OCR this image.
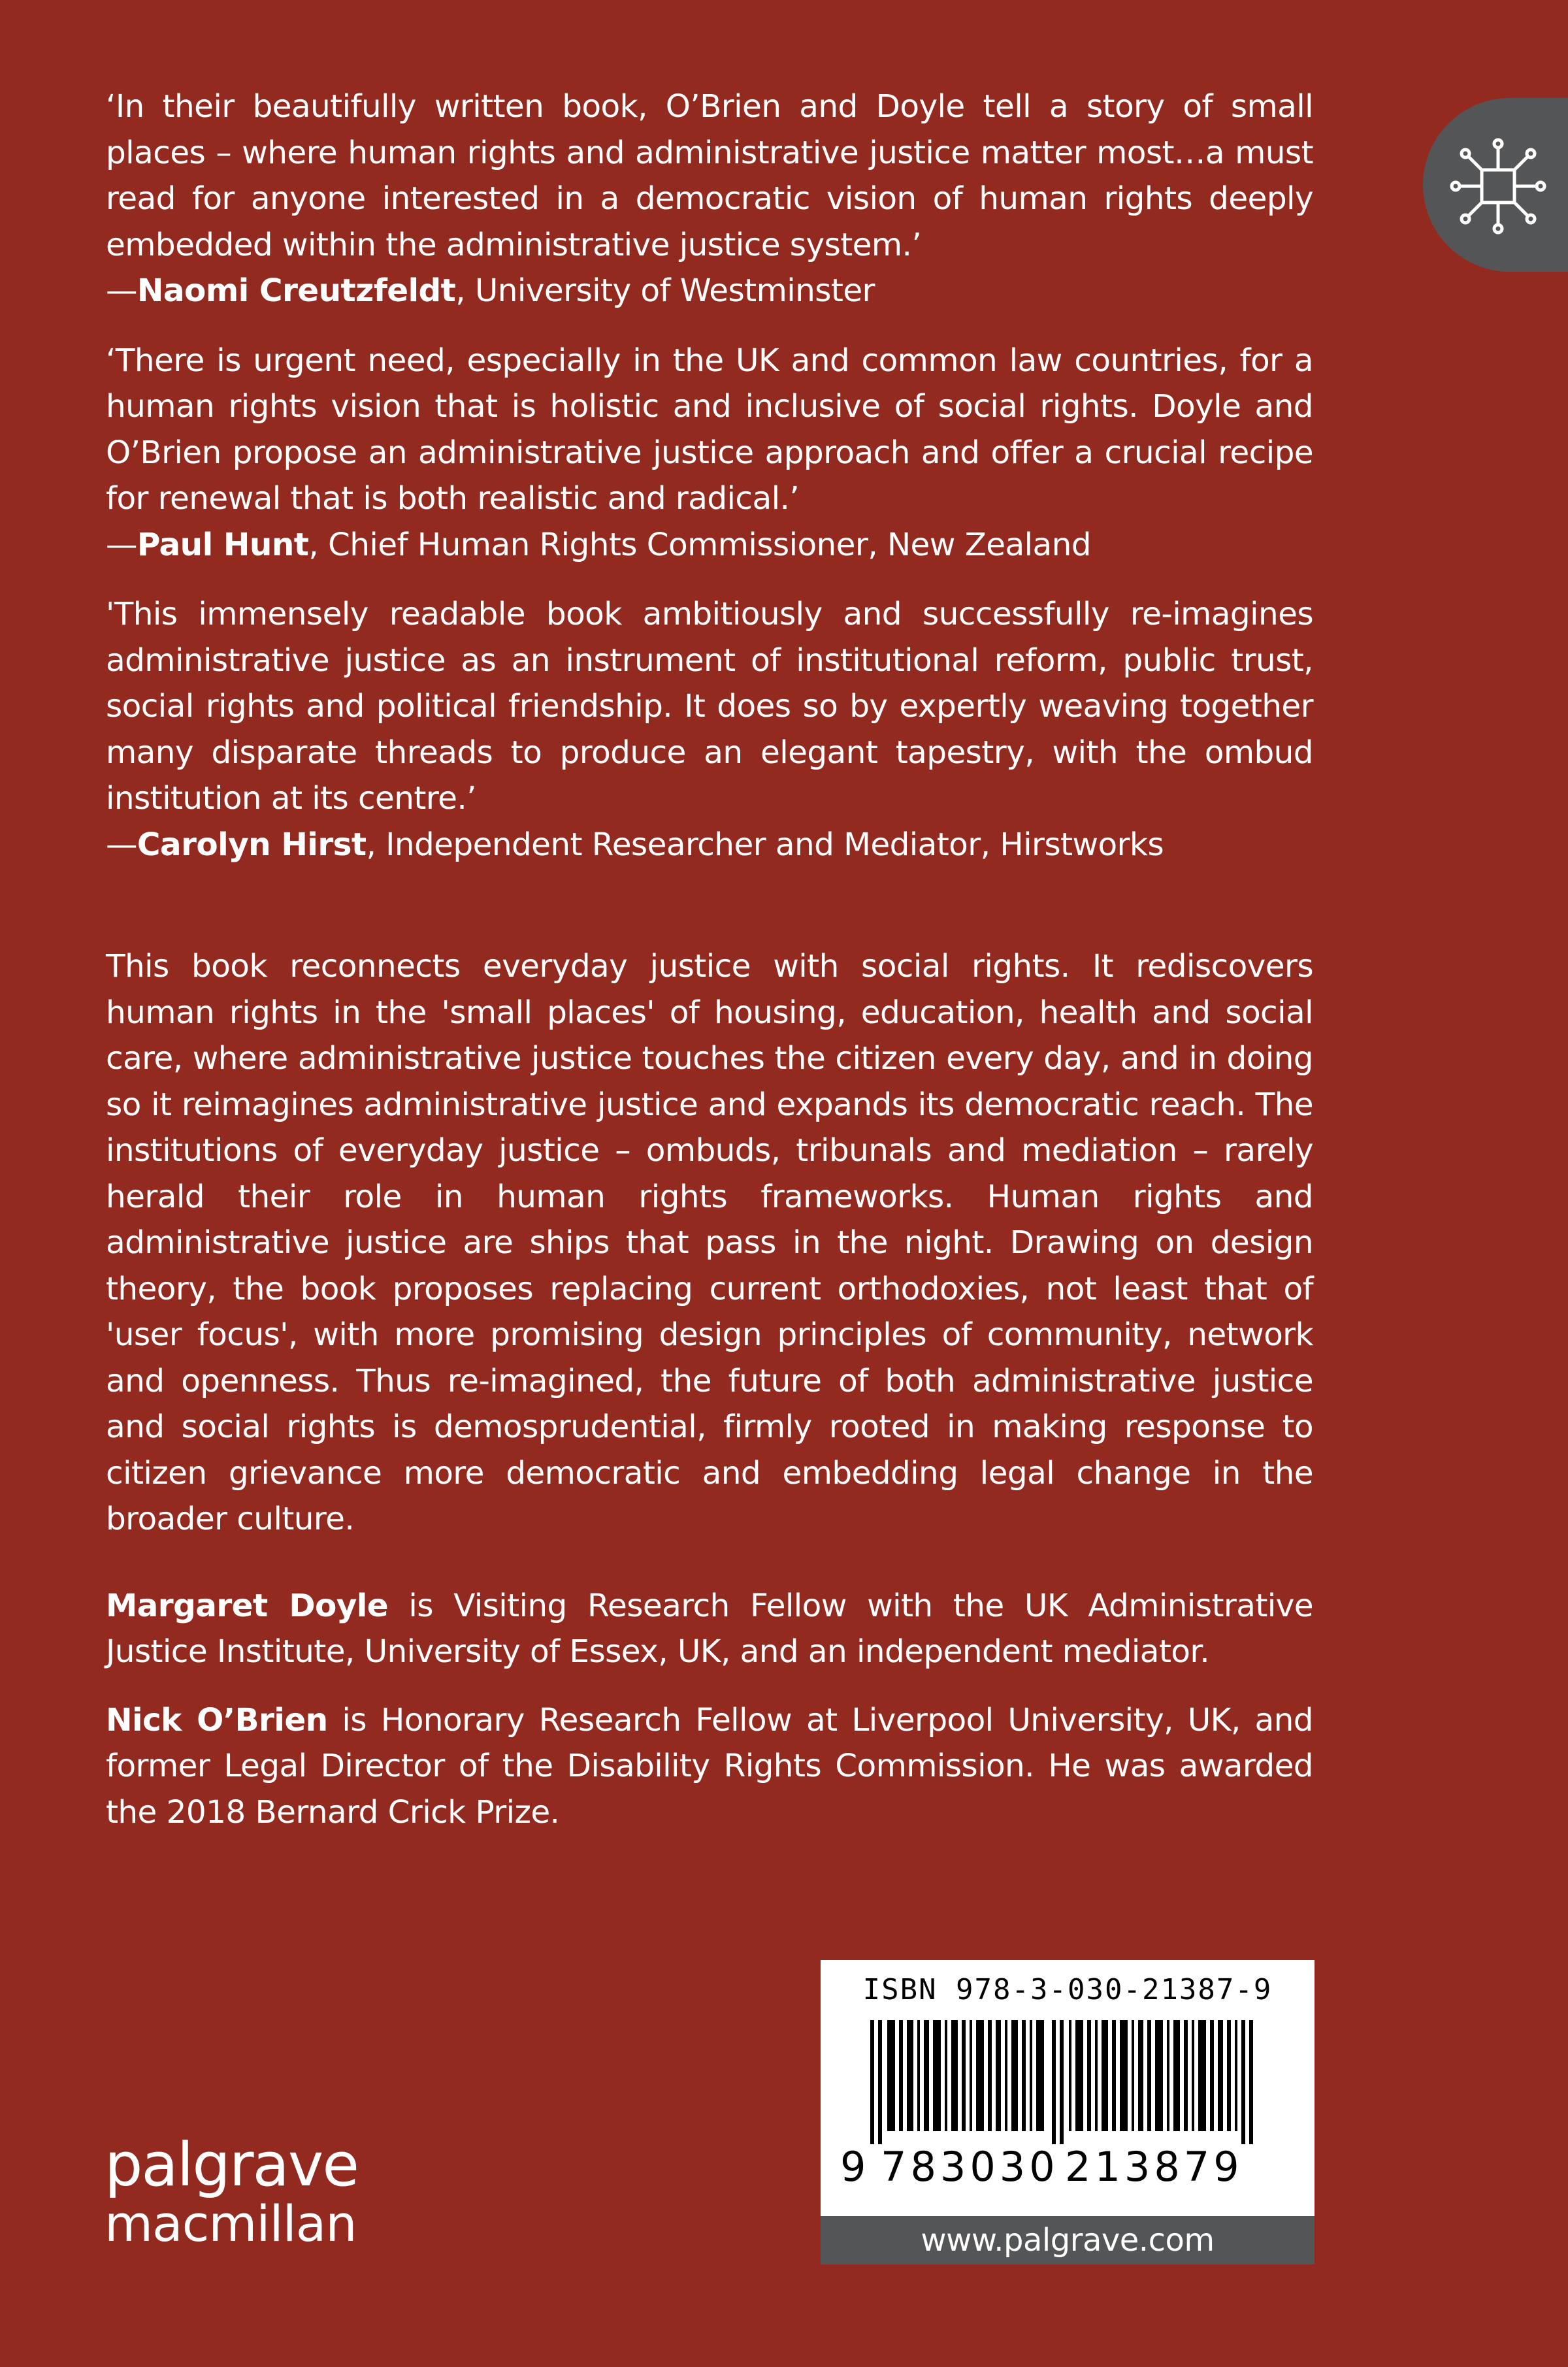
‘In their beautifully written book, O’Brien and Doyle tell a story of small places – where human rights and administrative justice matter most…a must read for anyone interested in a democratic vision of human rights deeply embedded within the administrative justice system.’

—Naomi Creutzfeldt, University of Westminster

‘There is urgent need, especially in the UK and common law countries, for a human rights vision that is holistic and inclusive of social rights. Doyle and O’Brien propose an administrative justice approach and offer a crucial recipe for renewal that is both realistic and radical.’

—Paul Hunt, Chief Human Rights Commissioner, New Zealand

'This immensely readable book ambitiously and successfully re-imagines administrative justice as an instrument of institutional reform, public trust, social rights and political friendship. It does so by expertly weaving together many disparate threads to produce an elegant tapestry, with the ombud institution at its centre.’

—Carolyn Hirst, Independent Researcher and Mediator, Hirstworks

This book reconnects everyday justice with social rights. It rediscovers human rights in the 'small places' of housing, education, health and social care, where administrative justice touches the citizen every day, and in doing so it reimagines administrative justice and expands its democratic reach. The institutions of everyday justice – ombuds, tribunals and mediation – rarely herald their role in human rights frameworks. Human rights and administrative justice are ships that pass in the night. Drawing on design theory, the book proposes replacing current orthodoxies, not least that of 'user focus', with more promising design principles of community, network and openness. Thus re-imagined, the future of both administrative justice and social rights is demosprudential, firmly rooted in making response to citizen grievance more democratic and embedding legal change in the broader culture.

Margaret Doyle is Visiting Research Fellow with the UK Administrative Justice Institute, University of Essex, UK, and an independent mediator.

Nick O’Brien is Honorary Research Fellow at Liverpool University, UK, and former Legal Director of the Disability Rights Commission. He was awarded the 2018 Bernard Crick Prize.

ISBN 978-3-030-21387-9
9 783030 213879
www.palgrave.com
palgrave
macmillan
